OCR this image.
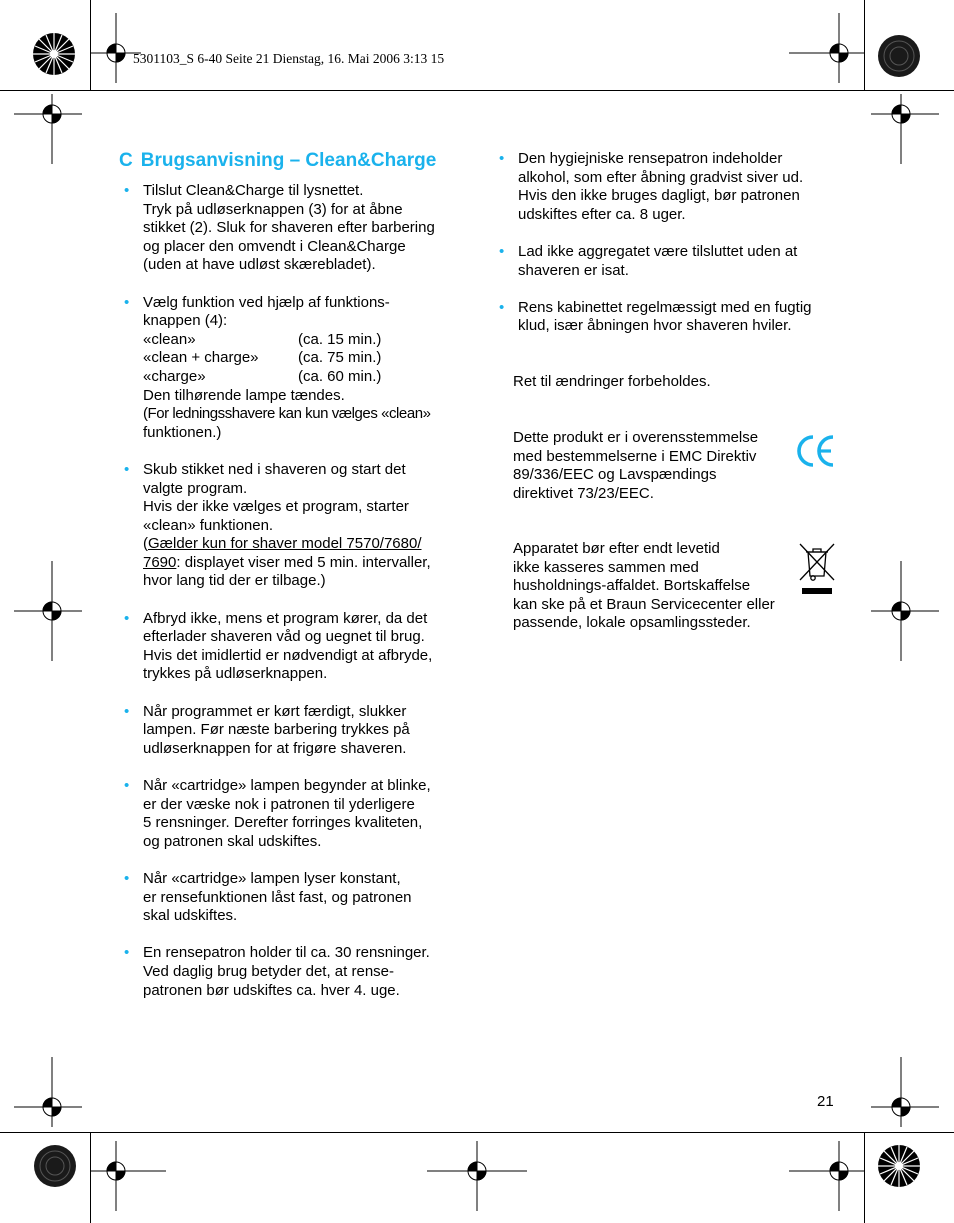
5301103_S 6-40 Seite 21 Dienstag, 16. Mai 2006 3:13 15
C Brugsanvisning – Clean&Charge
• Tilslut Clean&Charge til lysnettet.
Tryk på udløserknappen (3) for at åbne
stikket (2). Sluk for shaveren efter barbering
og placer den omvendt i Clean&Charge
(uden at have udløst skærebladet).
• Vælg funktion ved hjælp af funktions-
knappen (4):
«clean»	(ca. 15 min.)
«clean + charge»	(ca. 75 min.)
«charge»	(ca. 60 min.)
Den tilhørende lampe tændes.
(For ledningsshavere kan kun vælges «clean»
funktionen.)
• Skub stikket ned i shaveren og start det
valgte program.
Hvis der ikke vælges et program, starter
«clean» funktionen.
(Gælder kun for shaver model 7570/7680/
7690: displayet viser med 5 min. intervaller,
hvor lang tid der er tilbage.)
• Afbryd ikke, mens et program kører, da det
efterlader shaveren våd og uegnet til brug.
Hvis det imidlertid er nødvendigt at afbryde,
trykkes på udløserknappen.
• Når programmet er kørt færdigt, slukker
lampen. Før næste barbering trykkes på
udløserknappen for at frigøre shaveren.
• Når «cartridge» lampen begynder at blinke,
er der væske nok i patronen til yderligere
5 rensninger. Derefter forringes kvaliteten,
og patronen skal udskiftes.
• Når «cartridge» lampen lyser konstant,
er rensefunktionen låst fast, og patronen
skal udskiftes.
• En rensepatron holder til ca. 30 rensninger.
Ved daglig brug betyder det, at rense-
patronen bør udskiftes ca. hver 4. uge.
• Den hygiejniske rensepatron indeholder
alkohol, som efter åbning gradvist siver ud.
Hvis den ikke bruges dagligt, bør patronen
udskiftes efter ca. 8 uger.
• Lad ikke aggregatet være tilsluttet uden at
shaveren er isat.
• Rens kabinettet regelmæssigt med en fugtig
klud, især åbningen hvor shaveren hviler.
Ret til ændringer forbeholdes.
Dette produkt er i overensstemmelse
med bestemmelserne i EMC Direktiv
89/336/EEC og Lavspændings
direktivet 73/23/EEC.
Apparatet bør efter endt levetid
ikke kasseres sammen med
husholdnings-affaldet. Bortskaffelse
kan ske på et Braun Servicecenter eller
passende, lokale opsamlingssteder.
21
